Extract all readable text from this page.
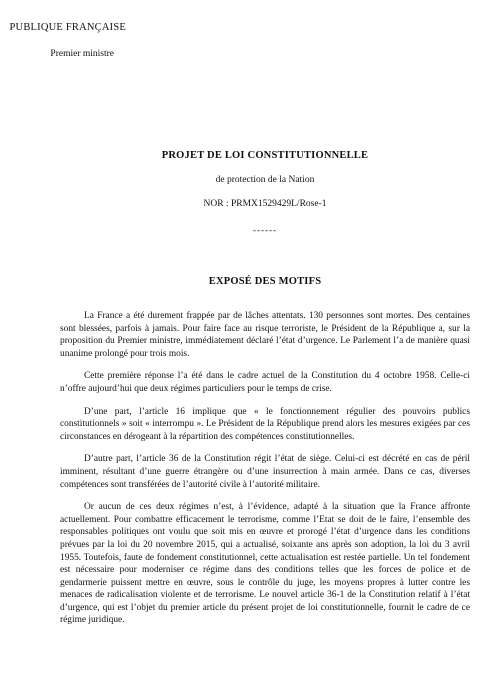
PUBLIQUE FRANÇAISE
Premier ministre
PROJET DE LOI CONSTITUTIONNELLE
de protection de la Nation
NOR : PRMX1529429L/Rose-1
------
EXPOSÉ DES MOTIFS

La France a été durement frappée par de lâches attentats. 130 personnes sont mortes. Des centaines sont blessées, parfois à jamais. Pour faire face au risque terroriste, le Président de la République a, sur la proposition du Premier ministre, immédiatement déclaré l’état d’urgence. Le Parlement l’a de manière quasi unanime prolongé pour trois mois.

Cette première réponse l’a été dans le cadre actuel de la Constitution du 4 octobre 1958. Celle-ci n’offre aujourd’hui que deux régimes particuliers pour le temps de crise.

D’une part, l’article 16 implique que « le fonctionnement régulier des pouvoirs publics constitutionnels » soit « interrompu ». Le Président de la République prend alors les mesures exigées par ces circonstances en dérogeant à la répartition des compétences constitutionnelles.

D’autre part, l’article 36 de la Constitution régit l’état de siège. Celui-ci est décrété en cas de péril imminent, résultant d’une guerre étrangère ou d’une insurrection à main armée. Dans ce cas, diverses compétences sont transférées de l’autorité civile à l’autorité militaire.

Or aucun de ces deux régimes n’est, à l’évidence, adapté à la situation que la France affronte actuellement. Pour combattre efficacement le terrorisme, comme l’Etat se doit de le faire, l’ensemble des responsables politiques ont voulu que soit mis en œuvre et prorogé l’état d’urgence dans les conditions prévues par la loi du 20 novembre 2015, qui a actualisé, soixante ans après son adoption, la loi du 3 avril 1955. Toutefois, faute de fondement constitutionnel, cette actualisation est restée partielle. Un tel fondement est nécessaire pour moderniser ce régime dans des conditions telles que les forces de police et de gendarmerie puissent mettre en œuvre, sous le contrôle du juge, les moyens propres à lutter contre les menaces de radicalisation violente et de terrorisme. Le nouvel article 36-1 de la Constitution relatif à l’état d’urgence, qui est l’objet du premier article du présent projet de loi constitutionnelle, fournit le cadre de ce régime juridique.
